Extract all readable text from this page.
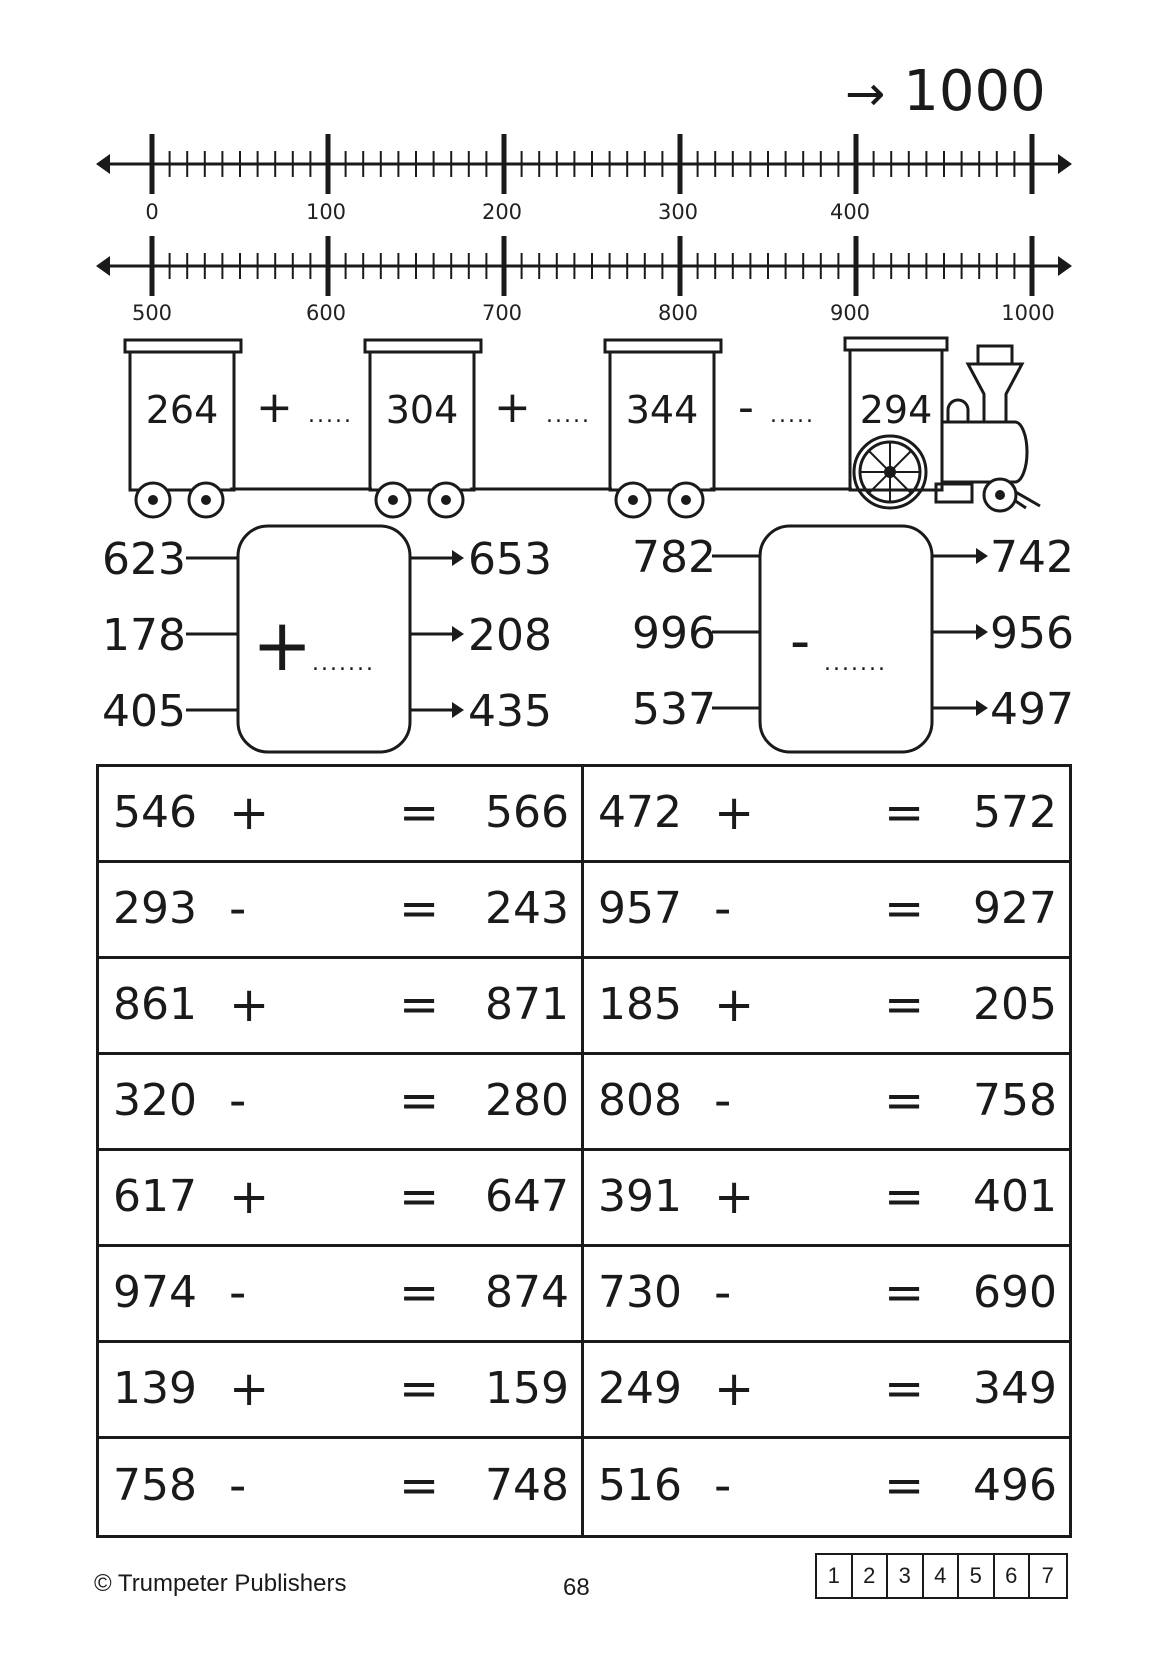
→ 1000
0	100	200	300	400
500	600	700	800	900	1000
264	304	344	294
+ .....	+ .....	- .....
623
178
405
653
208
435
+ .......
782
996
537
742
956
497
- .......
546 +	= 566 472 +	= 572
293 -	= 243 957 -	= 927
861 +	= 871 185 +	= 205
320 -	= 280 808 -	= 758
617 +	= 647 391 +	= 401
974 -	= 874 730 -	= 690
139 +	= 159 249 +	= 349
758 -	= 748 516 -	= 496
© Trumpeter Publishers	68	1	2	3	4	5	6	7
